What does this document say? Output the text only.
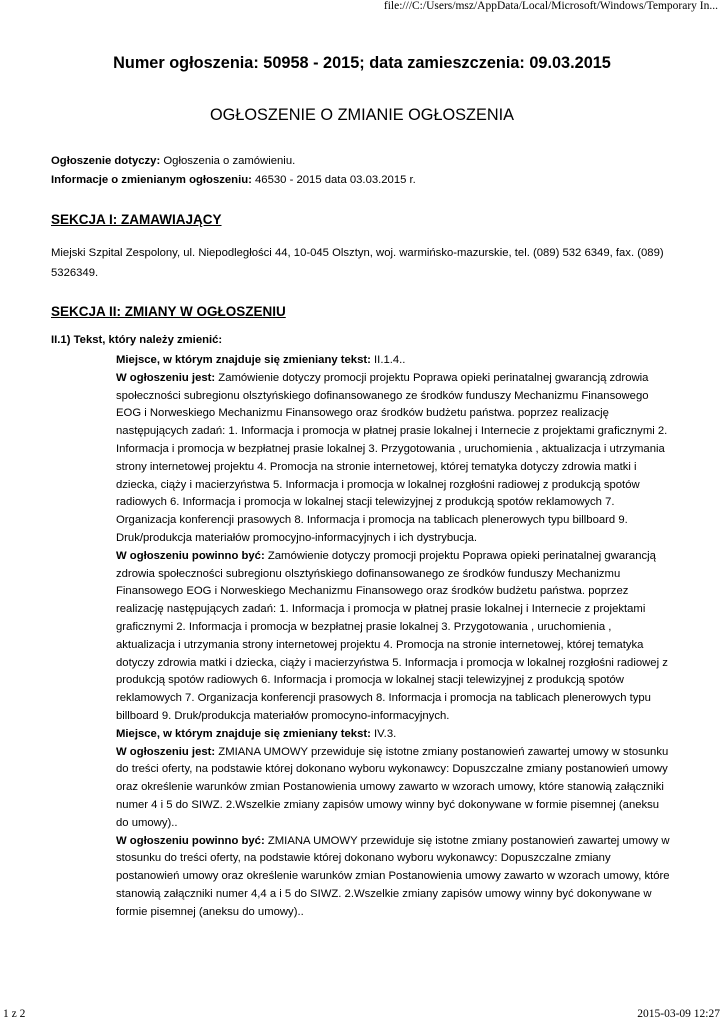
file:///C:/Users/msz/AppData/Local/Microsoft/Windows/Temporary In...
Numer ogłoszenia: 50958 - 2015; data zamieszczenia: 09.03.2015
OGŁOSZENIE O ZMIANIE OGŁOSZENIA

Ogłoszenie dotyczy: Ogłoszenia o zamówieniu.

Informacje o zmienianym ogłoszeniu: 46530 - 2015 data 03.03.2015 r.

SEKCJA I: ZAMAWIAJĄCY

Miejski Szpital Zespolony, ul. Niepodległości 44, 10-045 Olsztyn, woj. warmińsko-mazurskie, tel. (089) 532 6349, fax. (089) 5326349.

SEKCJA II: ZMIANY W OGŁOSZENIU

II.1) Tekst, który należy zmienić:

Miejsce, w którym znajduje się zmieniany tekst: II.1.4..

W ogłoszeniu jest: Zamówienie dotyczy promocji projektu Poprawa opieki perinatalnej gwarancją zdrowia społeczności subregionu olsztyńskiego dofinansowanego ze środków funduszy Mechanizmu Finansowego EOG i Norweskiego Mechanizmu Finansowego oraz środków budżetu państwa. poprzez realizację następujących zadań: 1. Informacja i promocja w płatnej prasie lokalnej i Internecie z projektami graficznymi 2. Informacja i promocja w bezpłatnej prasie lokalnej 3. Przygotowania , uruchomienia , aktualizacja i utrzymania strony internetowej projektu 4. Promocja na stronie internetowej, której tematyka dotyczy zdrowia matki i dziecka, ciąży i macierzyństwa 5. Informacja i promocja w lokalnej rozgłośni radiowej z produkcją spotów radiowych 6. Informacja i promocja w lokalnej stacji telewizyjnej z produkcją spotów reklamowych 7. Organizacja konferencji prasowych 8. Informacja i promocja na tablicach plenerowych typu billboard 9. Druk/produkcja materiałów promocyjno-informacyjnych i ich dystrybucja.

W ogłoszeniu powinno być: Zamówienie dotyczy promocji projektu Poprawa opieki perinatalnej gwarancją zdrowia społeczności subregionu olsztyńskiego dofinansowanego ze środków funduszy Mechanizmu Finansowego EOG i Norweskiego Mechanizmu Finansowego oraz środków budżetu państwa. poprzez realizację następujących zadań: 1. Informacja i promocja w płatnej prasie lokalnej i Internecie z projektami graficznymi 2. Informacja i promocja w bezpłatnej prasie lokalnej 3. Przygotowania , uruchomienia , aktualizacja i utrzymania strony internetowej projektu 4. Promocja na stronie internetowej, której tematyka dotyczy zdrowia matki i dziecka, ciąży i macierzyństwa 5. Informacja i promocja w lokalnej rozgłośni radiowej z produkcją spotów radiowych 6. Informacja i promocja w lokalnej stacji telewizyjnej z produkcją spotów reklamowych 7. Organizacja konferencji prasowych 8. Informacja i promocja na tablicach plenerowych typu billboard 9. Druk/produkcja materiałów promocyno-informacyjnych.

Miejsce, w którym znajduje się zmieniany tekst: IV.3.

W ogłoszeniu jest: ZMIANA UMOWY przewiduje się istotne zmiany postanowień zawartej umowy w stosunku do treści oferty, na podstawie której dokonano wyboru wykonawcy: Dopuszczalne zmiany postanowień umowy oraz określenie warunków zmian Postanowienia umowy zawarto w wzorach umowy, które stanowią załączniki numer 4 i 5 do SIWZ. 2.Wszelkie zmiany zapisów umowy winny być dokonywane w formie pisemnej (aneksu do umowy)..

W ogłoszeniu powinno być: ZMIANA UMOWY przewiduje się istotne zmiany postanowień zawartej umowy w stosunku do treści oferty, na podstawie której dokonano wyboru wykonawcy: Dopuszczalne zmiany postanowień umowy oraz określenie warunków zmian Postanowienia umowy zawarto w wzorach umowy, które stanowią załączniki numer 4,4 a i 5 do SIWZ. 2.Wszelkie zmiany zapisów umowy winny być dokonywane w formie pisemnej (aneksu do umowy)..

1 z 2	2015-03-09 12:27
